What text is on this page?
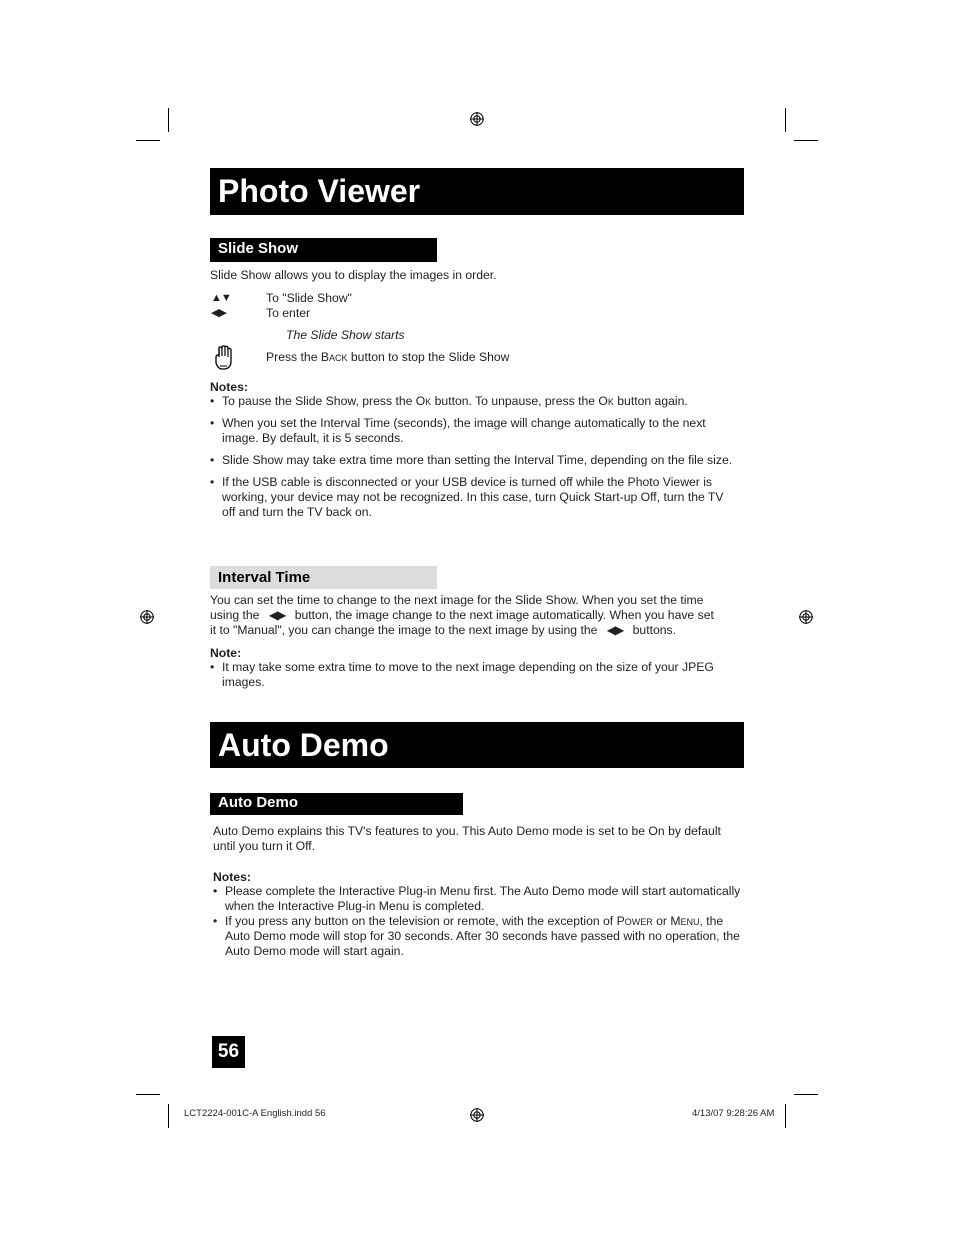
Photo Viewer
Slide Show
Slide Show allows you to display the images in order.
▲▼	To "Slide Show"
◀▶	To enter
The Slide Show starts
Press the Back button to stop the Slide Show
Notes:
• To pause the Slide Show, press the Ok button. To unpause, press the Ok button again.
• When you set the Interval Time (seconds), the image will change automatically to the next image. By default, it is 5 seconds.
• Slide Show may take extra time more than setting the Interval Time, depending on the file size.
• If the USB cable is disconnected or your USB device is turned off while the Photo Viewer is working, your device may not be recognized. In this case, turn Quick Start-up Off, turn the TV off and turn the TV back on.
Interval Time
You can set the time to change to the next image for the Slide Show. When you set the time
using the ◀▶ button, the image change to the next image automatically. When you have set
it to "Manual", you can change the image to the next image by using the ◀▶ buttons.
Note:
• It may take some extra time to move to the next image depending on the size of your JPEG images.
Auto Demo
Auto Demo
Auto Demo explains this TV's features to you. This Auto Demo mode is set to be On by default until you turn it Off.
Notes:
• Please complete the Interactive Plug-in Menu first. The Auto Demo mode will start automatically when the Interactive Plug-in Menu is completed.
• If you press any button on the television or remote, with the exception of Power or Menu, the Auto Demo mode will stop for 30 seconds. After 30 seconds have passed with no operation, the Auto Demo mode will start again.
56
LCT2224-001C-A English.indd 56	4/13/07 9:28:26 AM
